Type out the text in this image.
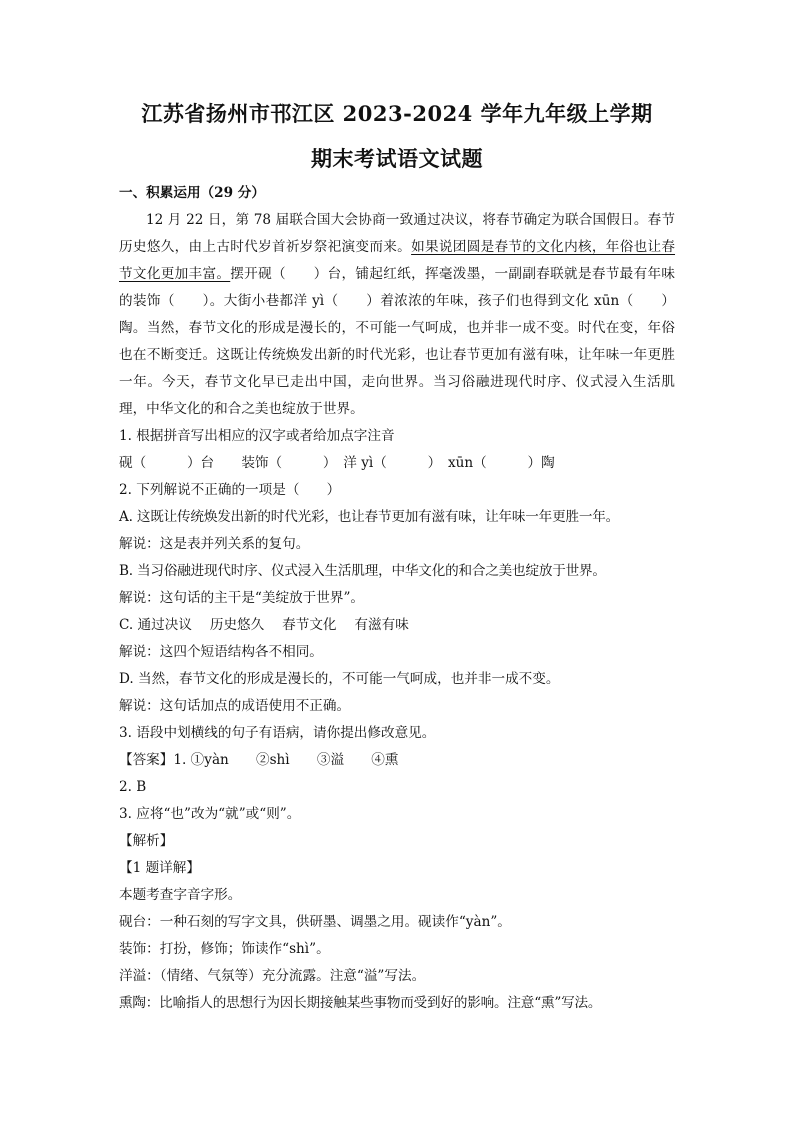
江苏省扬州市邗江区 2023-2024 学年九年级上学期
期末考试语文试题
一、积累运用（29 分）
12 月 22 日，第 78 届联合国大会协商一致通过决议，将春节确定为联合国假日。春节历史悠久，由上古时代岁首祈岁祭祀演变而来。如果说团圆是春节的文化内核，年俗也让春节文化更加丰富。摆开砚（　　）台，铺起红纸，挥毫泼墨，一副副春联就是春节最有年味的装饰（　　）。大街小巷都洋 yì（　　）着浓浓的年味，孩子们也得到文化 xūn（　　）陶。当然，春节文化的形成是漫长的，不可能一气呵成，也并非一成不变。时代在变，年俗也在不断变迁。这既让传统焕发出新的时代光彩，也让春节更加有滋有味，让年味一年更胜一年。今天，春节文化早已走出中国，走向世界。当习俗融进现代时序、仪式浸入生活肌理，中华文化的和合之美也绽放于世界。
1. 根据拼音写出相应的汉字或者给加点字注音
砚（　　　）台　　装饰（　　　）　洋 yì（　　　）　xūn（　　　）陶
2. 下列解说不正确的一项是（　　）
A. 这既让传统焕发出新的时代光彩，也让春节更加有滋有味，让年味一年更胜一年。
解说：这是表并列关系的复句。
B. 当习俗融进现代时序、仪式浸入生活肌理，中华文化的和合之美也绽放于世界。
解说：这句话的主干是“美绽放于世界”。
C. 通过决议　 历史悠久　 春节文化　 有滋有味
解说：这四个短语结构各不相同。
D. 当然，春节文化的形成是漫长的，不可能一气呵成，也并非一成不变。
解说：这句话加点的成语使用不正确。
3. 语段中划横线的句子有语病，请你提出修改意见。
【答案】1. ①yàn　　②shì　　③溢　　④熏
2. B
3. 应将“也”改为“就”或“则”。
【解析】
【1 题详解】
本题考查字音字形。
砚台：一种石刻的写字文具，供研墨、调墨之用。砚读作“yàn”。
装饰：打扮，修饰；饰读作“shì”。
洋溢：（情绪、气氛等）充分流露。注意“溢”写法。
熏陶：比喻指人的思想行为因长期接触某些事物而受到好的影响。注意“熏”写法。
